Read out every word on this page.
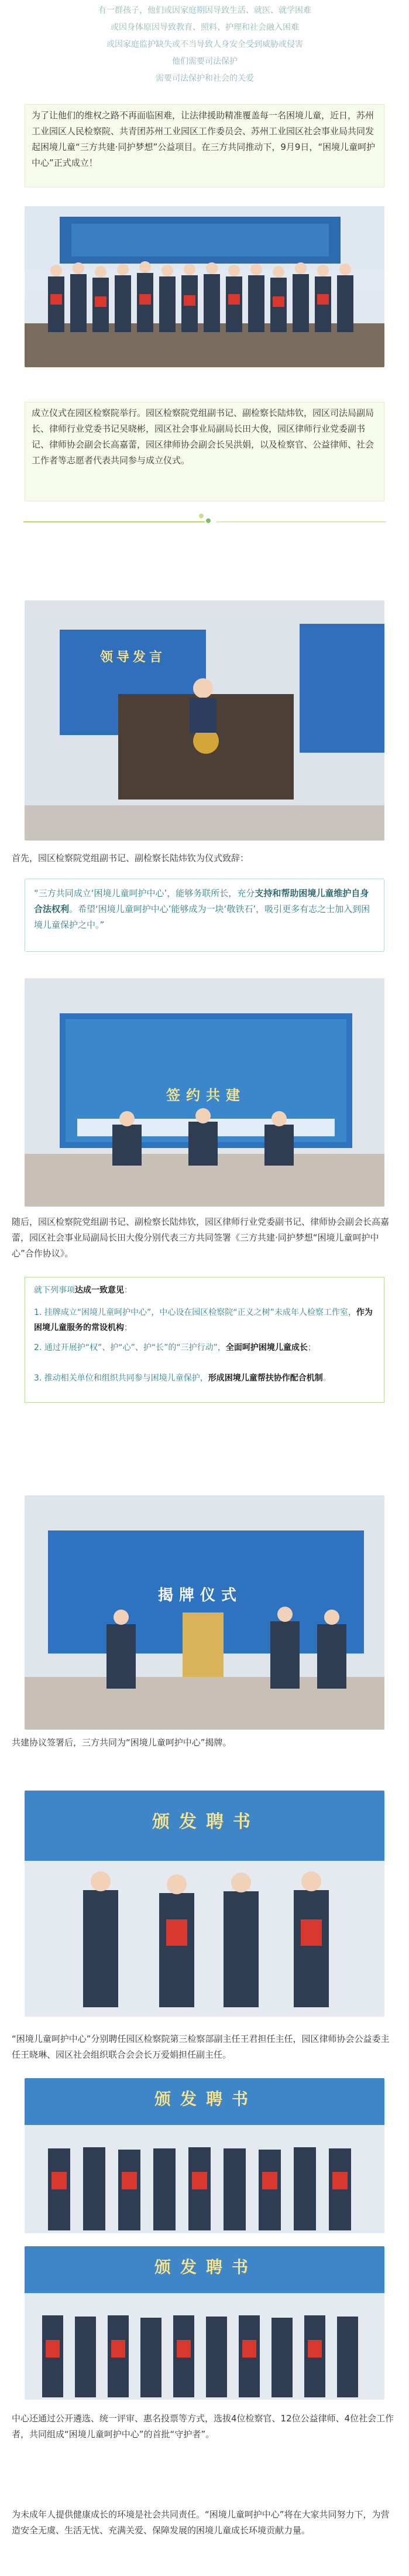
有一群孩子，他们或因家庭期因导致生活、就医、就学困难
或因身体原因导致教育、照料、护理和社会融入困难
或因家庭监护缺失或不当导致人身安全受到威胁或侵害
他们需要司法保护
需要司法保护和社会的关爱
为了让他们的维权之路不再面临困难，让法律援助精准覆盖每一名困境儿童，近日，苏州工业园区人民检察院、共青团苏州工业园区工作委员会、苏州工业园区社会事业局共同发起困境儿童“三方共建·同护梦想”公益项目。在三方共同推动下，9月9日，“困境儿童呵护中心”正式成立！
成立仪式在园区检察院举行。园区检察院党组副书记、副检察长陆炜钦，园区司法局副局长、律师行业党委书记吴晓彬，园区社会事业局副局长田大俊，园区律师行业党委副书记、律师协会副会长高嘉蕾，园区律师协会副会长吴洪娟，以及检察官、公益律师、社会工作者等志愿者代表共同参与成立仪式。
领导发言
首先，园区检察院党组副书记、副检察长陆炜钦为仪式致辞：
“三方共同成立‘困境儿童呵护中心’，能够务联所长，充分支持和帮助困境儿童维护自身合法权利。希望‘困境儿童呵护中心’能够成为一块‘敬铁石’，吸引更多有志之士加入到困境儿童保护之中。”
签约共建
随后，园区检察院党组副书记、副检察长陆炜钦，园区律师行业党委副书记、律师协会副会长高嘉蕾，园区社会事业局副局长田大俊分别代表三方共同签署《三方共建·同护梦想“困境儿童呵护中心”合作协议》。
就下列事项达成一致意见：
1. 挂牌成立“困境儿童呵护中心”，中心设在园区检察院“正义之树”未成年人检察工作室，作为困境儿童服务的常设机构；
2. 通过开展护“权”、护“心”、护“长”的“三护行动”，全面呵护困境儿童成长；
3. 推动相关单位和组织共同参与困境儿童保护，形成困境儿童帮扶协作配合机制。
揭牌仪式
共建协议签署后，三方共同为“困境儿童呵护中心”揭牌。
颁发聘书
“困境儿童呵护中心”分别聘任园区检察院第三检察部副主任王君担任主任，园区律师协会公益委主任王晓琳、园区社会组织联合会会长万爱娟担任副主任。
颁发聘书
颁发聘书
中心还通过公开遴选、统一评审、惠名投票等方式，选拔4位检察官、12位公益律师、4位社会工作者，共同组成“困境儿童呵护中心”的首批“守护者”。
为未成年人提供健康成长的环境是社会共同责任。“困境儿童呵护中心”将在大家共同努力下，为营造安全无虞、生活无忧、充满关爱、保障发展的困境儿童成长环境贡献力量。
